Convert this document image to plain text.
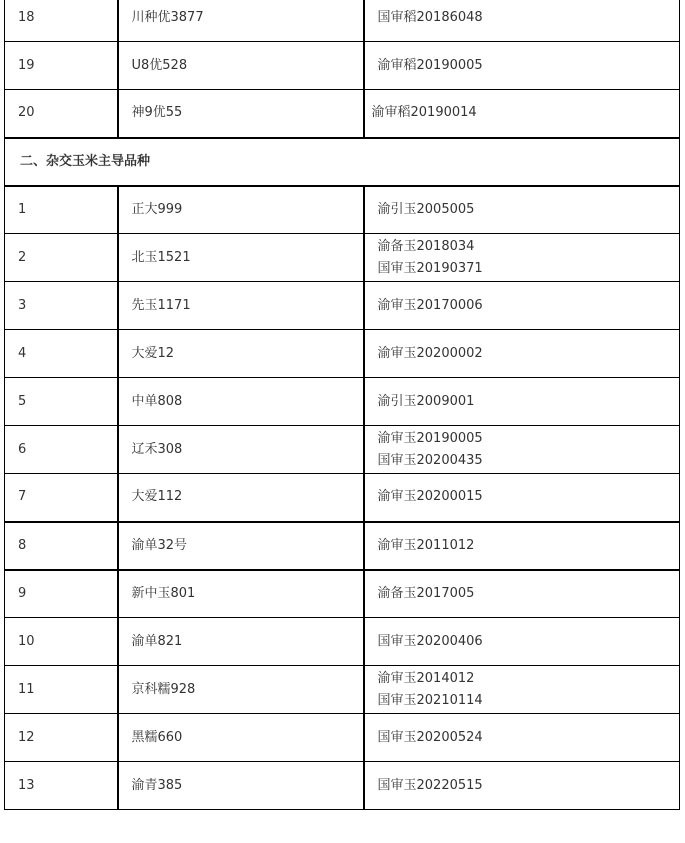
18	川种优3877	国审稻20186048

19	U8优528	渝审稻20190005

20	神9优55	渝审稻20190014

二、杂交玉米主导品种		
1	正大999	渝引玉2005005

2	北玉1521	渝备玉2018034
国审玉20190371

3	先玉1171	渝审玉20170006

4	大爱12	渝审玉20200002

5	中单808	渝引玉2009001

6	辽禾308	渝审玉20190005
国审玉20200435

7	大爱112	渝审玉20200015

8	渝单32号	渝审玉2011012

9	新中玉801	渝备玉2017005

10	渝单821	国审玉20200406

11	京科糯928	渝审玉2014012
国审玉20210114

12	黑糯660	国审玉20200524

13	渝青385	国审玉20220515
